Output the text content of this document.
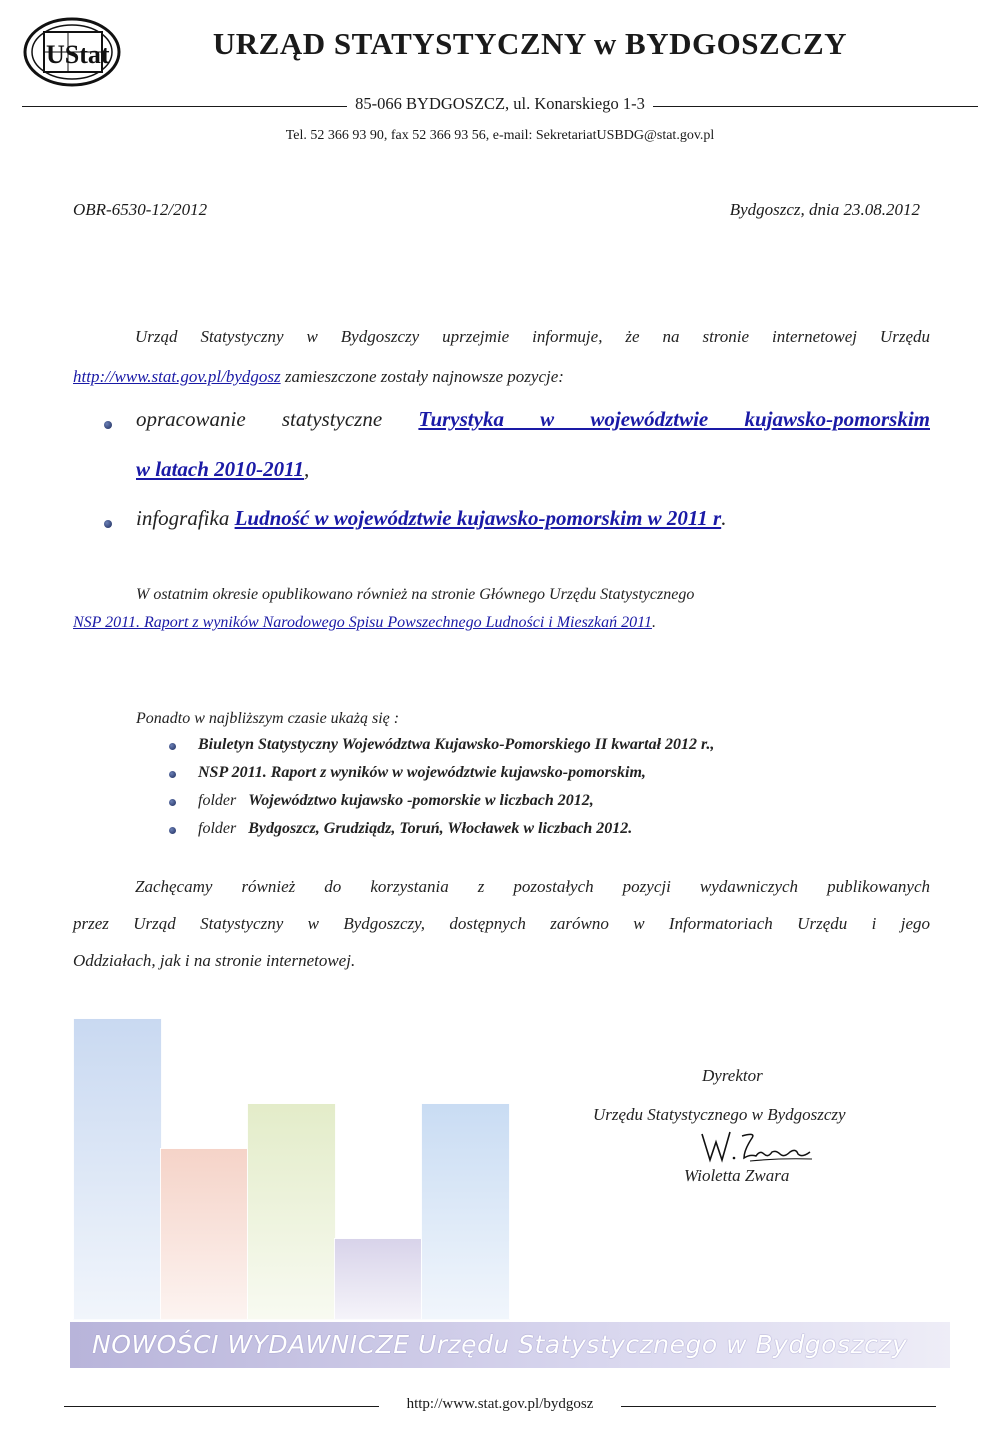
UStat	URZĄD STATYSTYCZNY w BYDGOSZCZY
85-066 BYDGOSZCZ, ul. Konarskiego 1-3
Tel. 52 366 93 90, fax 52 366 93 56, e-mail: SekretariatUSBDG@stat.gov.pl
OBR-6530-12/2012	Bydgoszcz, dnia 23.08.2012
Urząd Statystyczny w Bydgoszczy uprzejmie informuje, że na stronie internetowej Urzędu
http://www.stat.gov.pl/bydgosz zamieszczone zostały najnowsze pozycje:
opracowanie statystyczne Turystyka w województwie kujawsko-pomorskim
w latach 2010-2011,
infografika Ludność w województwie kujawsko-pomorskim w 2011 r.
W ostatnim okresie opublikowano również na stronie Głównego Urzędu Statystycznego
NSP 2011. Raport z wyników Narodowego Spisu Powszechnego Ludności i Mieszkań 2011.
Ponadto w najbliższym czasie ukażą się :
Biuletyn Statystyczny Województwa Kujawsko-Pomorskiego II kwartał 2012 r.,
NSP 2011. Raport z wyników w województwie kujawsko-pomorskim,
folder Województwo kujawsko -pomorskie w liczbach 2012,
folder Bydgoszcz, Grudziądz, Toruń, Włocławek w liczbach 2012.
Zachęcamy również do korzystania z pozostałych pozycji wydawniczych publikowanych
przez Urząd Statystyczny w Bydgoszczy, dostępnych zarówno w Informatoriach Urzędu i jego
Oddziałach, jak i na stronie internetowej.
Dyrektor
Urzędu Statystycznego w Bydgoszczy
Wioletta Zwara
NOWOŚCI WYDAWNICZE Urzędu Statystycznego w Bydgoszczy
http://www.stat.gov.pl/bydgosz
